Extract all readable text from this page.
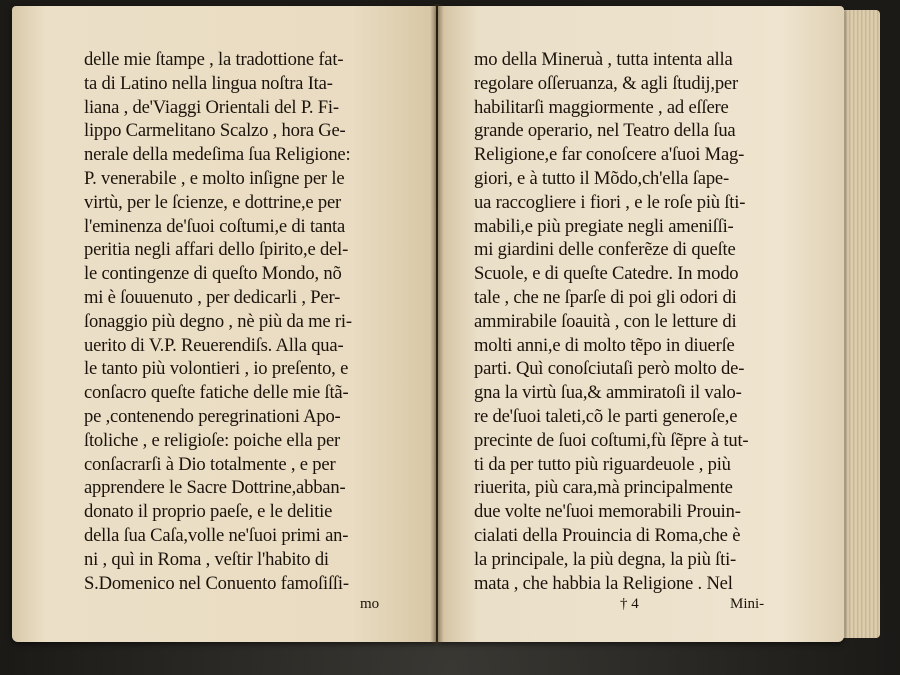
delle mie ſtampe , la tradottione fat-
ta di Latino nella lingua noſtra Ita-
liana , de'Viaggi Orientali del P. Fi-
lippo Carmelitano Scalzo , hora Ge-
nerale della medeſima ſua Religione:
P. venerabile , e molto inſigne per le
virtù, per le ſcienze, e dottrine,e per
l'eminenza de'ſuoi coſtumi,e di tanta
peritia negli affari dello ſpirito,e del-
le contingenze di queſto Mondo, nõ
mi è ſouuenuto , per dedicarli , Per-
ſonaggio più degno , nè più da me ri-
uerito di V.P. Reuerendiſs. Alla qua-
le tanto più volontieri , io preſento, e
conſacro queſte fatiche delle mie ſtã-
pe ,contenendo peregrinationi Apo-
ſtoliche , e religioſe: poiche ella per
conſacrarſi à Dio totalmente , e per
apprendere le Sacre Dottrine,abban-
donato il proprio paeſe, e le delitie
della ſua Caſa,volle ne'ſuoi primi an-
ni , quì in Roma , veſtir l'habito di
S.Domenico nel Conuento famoſiſſi-
mo
mo della Mineruà , tutta intenta alla
regolare oſſeruanza, & agli ſtudij,per
habilitarſi maggiormente , ad eſſere
grande operario, nel Teatro della ſua
Religione,e far conoſcere a'ſuoi Mag-
giori, e à tutto il Mõdo,ch'ella ſape-
ua raccogliere i fiori , e le roſe più ſti-
mabili,e più pregiate negli ameniſſi-
mi giardini delle conferẽze di queſte
Scuole, e di queſte Catedre. In modo
tale , che ne ſparſe di poi gli odori di
ammirabile ſoauità , con le letture di
molti anni,e di molto tẽpo in diuerſe
parti. Quì conoſciutaſi però molto de-
gna la virtù ſua,& ammiratoſi il valo-
re de'ſuoi taleti,cõ le parti generoſe,e
precinte de ſuoi coſtumi,fù ſẽpre à tut-
ti da per tutto più riguardeuole , più
riuerita, più cara,mà principalmente
due volte ne'ſuoi memorabili Prouin-
cialati della Prouincia di Roma,che è
la principale, la più degna, la più ſti-
mata , che habbia la Religione . Nel
† 4	Mini-
